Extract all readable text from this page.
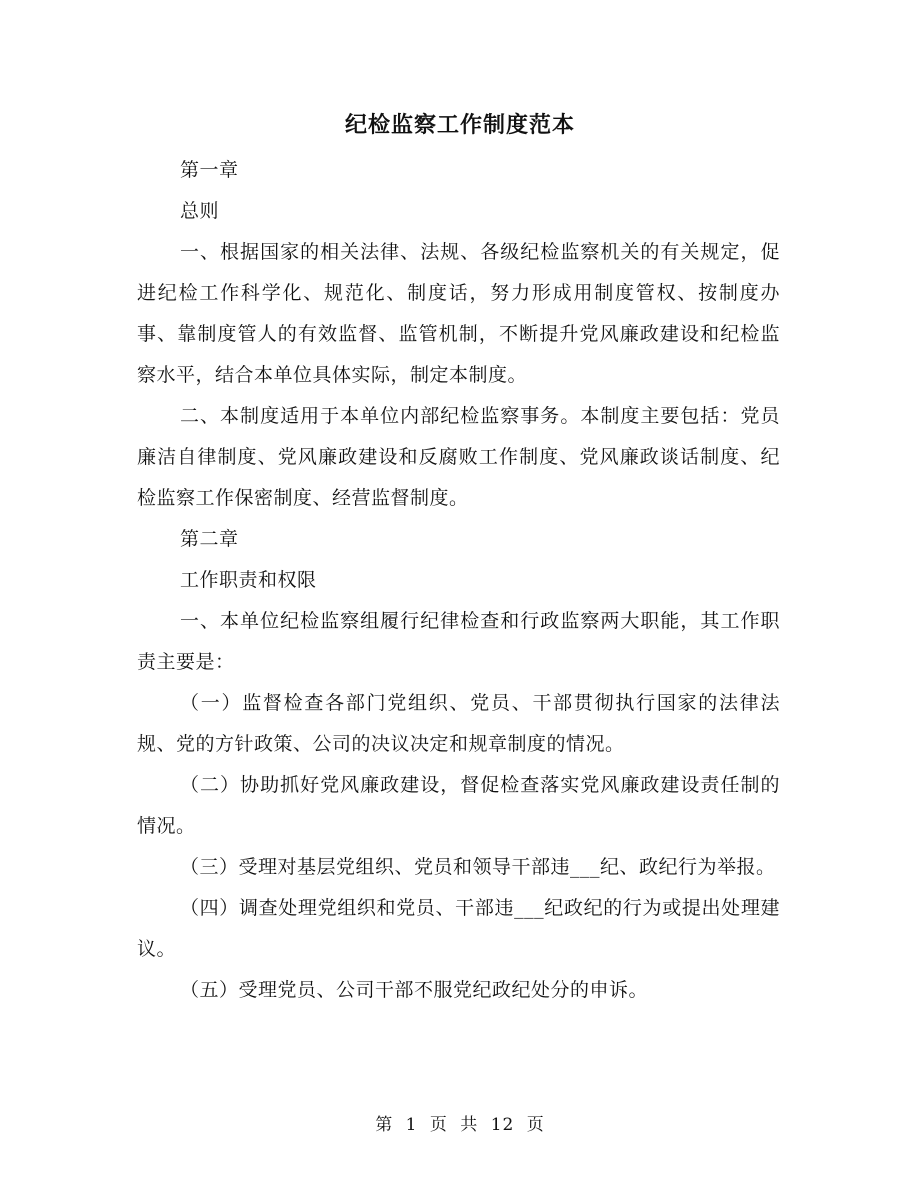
纪检监察工作制度范本

第一章

总则

一、根据国家的相关法律、法规、各级纪检监察机关的有关规定，促进纪检工作科学化、规范化、制度话，努力形成用制度管权、按制度办事、靠制度管人的有效监督、监管机制，不断提升党风廉政建设和纪检监察水平，结合本单位具体实际，制定本制度。

二、本制度适用于本单位内部纪检监察事务。本制度主要包括：党员廉洁自律制度、党风廉政建设和反腐败工作制度、党风廉政谈话制度、纪检监察工作保密制度、经营监督制度。

第二章

工作职责和权限

一、本单位纪检监察组履行纪律检查和行政监察两大职能，其工作职责主要是：

（一）监督检查各部门党组织、党员、干部贯彻执行国家的法律法规、党的方针政策、公司的决议决定和规章制度的情况。

（二）协助抓好党风廉政建设，督促检查落实党风廉政建设责任制的情况。

（三）受理对基层党组织、党员和领导干部违___纪、政纪行为举报。

（四）调查处理党组织和党员、干部违___纪政纪的行为或提出处理建议。

（五）受理党员、公司干部不服党纪政纪处分的申诉。

第 1 页 共 12 页
